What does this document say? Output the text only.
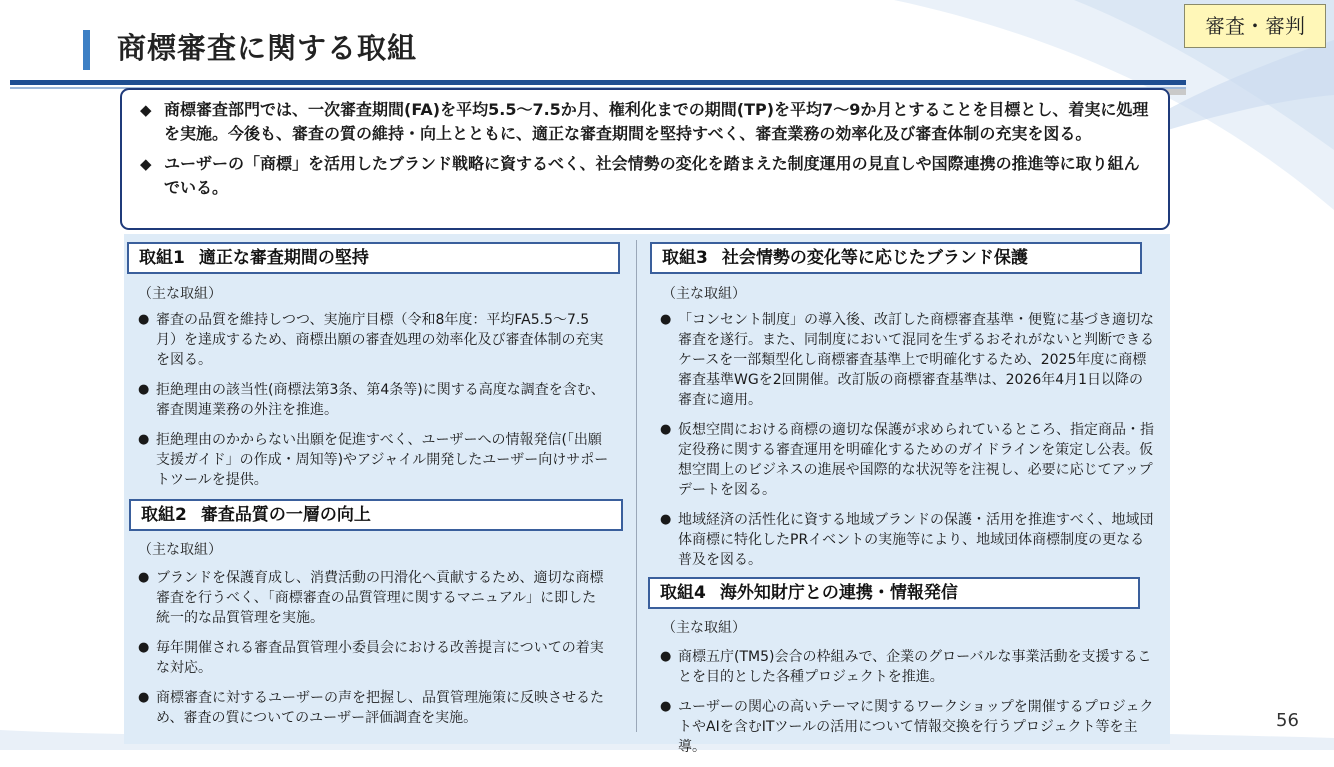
商標審査に関する取組
審査・審判
◆ 商標審査部門では、一次審査期間(FA)を平均5.5～7.5か月、権利化までの期間(TP)を平均7～9か月とすることを目標とし、着実に処理を実施。今後も、審査の質の維持・向上とともに、適正な審査期間を堅持すべく、審査業務の効率化及び審査体制の充実を図る。
◆ ユーザーの「商標」を活用したブランド戦略に資するべく、社会情勢の変化を踏まえた制度運用の見直しや国際連携の推進等に取り組んでいる。
取組1 適正な審査期間の堅持
（主な取組）
● 審査の品質を維持しつつ、実施庁目標（令和8年度：平均FA5.5～7.5月）を達成するため、商標出願の審査処理の効率化及び審査体制の充実を図る。
● 拒絶理由の該当性(商標法第3条、第4条等)に関する高度な調査を含む、審査関連業務の外注を推進。
● 拒絶理由のかからない出願を促進すべく、ユーザーへの情報発信(「出願支援ガイド」の作成・周知等)やアジャイル開発したユーザー向けサポートツールを提供。
取組2 審査品質の一層の向上
（主な取組）
● ブランドを保護育成し、消費活動の円滑化へ貢献するため、適切な商標審査を行うべく、「商標審査の品質管理に関するマニュアル」に即した統一的な品質管理を実施。
● 毎年開催される審査品質管理小委員会における改善提言についての着実な対応。
● 商標審査に対するユーザーの声を把握し、品質管理施策に反映させるため、審査の質についてのユーザー評価調査を実施。
取組3 社会情勢の変化等に応じたブランド保護
（主な取組）
● 「コンセント制度」の導入後、改訂した商標審査基準・便覧に基づき適切な審査を遂行。また、同制度において混同を生ずるおそれがないと判断できるケースを一部類型化し商標審査基準上で明確化するため、2025年度に商標審査基準WGを2回開催。改訂版の商標審査基準は、2026年4月1日以降の審査に適用。
● 仮想空間における商標の適切な保護が求められているところ、指定商品・指定役務に関する審査運用を明確化するためのガイドラインを策定し公表。仮想空間上のビジネスの進展や国際的な状況等を注視し、必要に応じてアップデートを図る。
● 地域経済の活性化に資する地域ブランドの保護・活用を推進すべく、地域団体商標に特化したPRイベントの実施等により、地域団体商標制度の更なる普及を図る。
取組4 海外知財庁との連携・情報発信
（主な取組）
● 商標五庁(TM5)会合の枠組みで、企業のグローバルな事業活動を支援することを目的とした各種プロジェクトを推進。
● ユーザーの関心の高いテーマに関するワークショップを開催するプロジェクトやAIを含むITツールの活用について情報交換を行うプロジェクト等を主導。
56
